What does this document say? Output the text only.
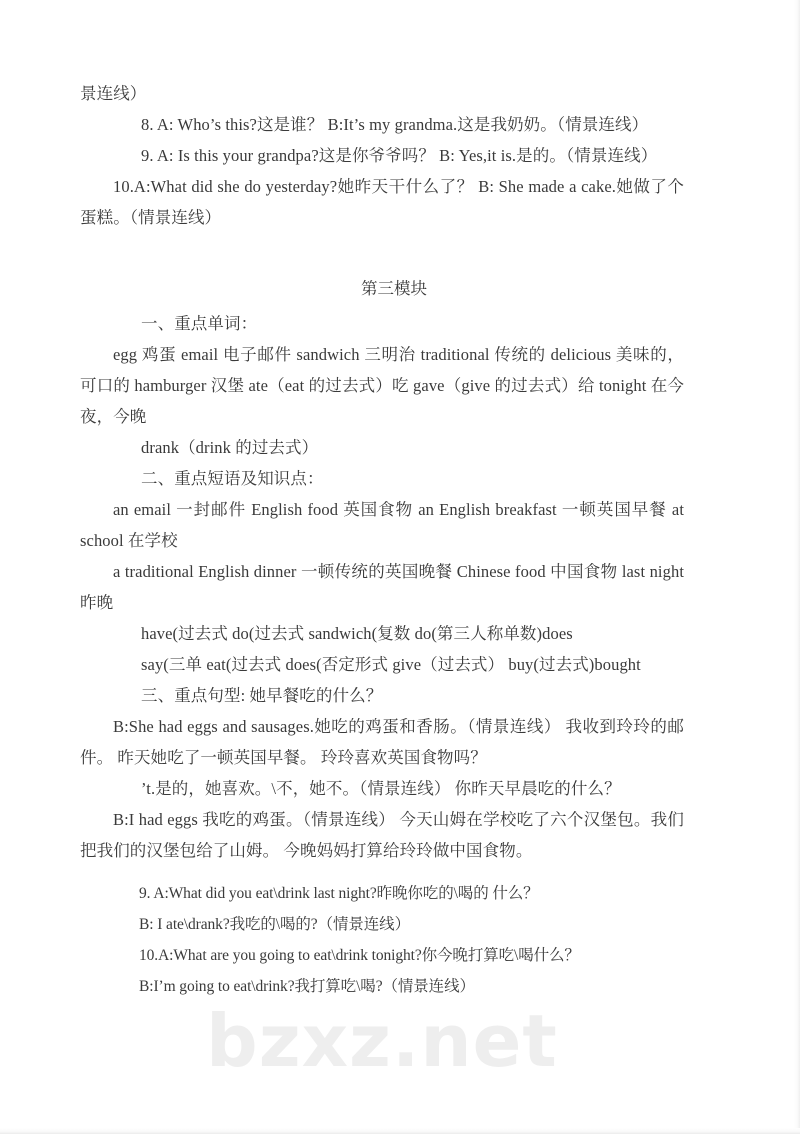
bzxz.net
景连线）
8. A: Who’s this?这是谁？ B:It’s my grandma.这是我奶奶。（情景连线）
9. A: Is this your grandpa?这是你爷爷吗？ B: Yes,it is.是的。（情景连线）
10.A:What did she do yesterday?她昨天干什么了？ B: She made a cake.她做了个蛋糕。（情景连线）
第三模块
一、重点单词：
egg 鸡蛋 email 电子邮件 sandwich 三明治 traditional 传统的 delicious 美味的，可口的 hamburger 汉堡 ate（eat 的过去式）吃 gave（give 的过去式）给 tonight 在今夜，今晚
drank（drink 的过去式）
二、重点短语及知识点：
an email 一封邮件 English food 英国食物 an English breakfast 一顿英国早餐 at school 在学校
a traditional English dinner 一顿传统的英国晚餐 Chinese food 中国食物 last night 昨晚
have(过去式 do(过去式 sandwich(复数 do(第三人称单数)does
say(三单 eat(过去式 does(否定形式 give（过去式） buy(过去式)bought
三、重点句型: 她早餐吃的什么？
B:She had eggs and sausages.她吃的鸡蛋和香肠。（情景连线） 我收到玲玲的邮件。 昨天她吃了一顿英国早餐。 玲玲喜欢英国食物吗？
’t.是的，她喜欢。\不，她不。（情景连线） 你昨天早晨吃的什么？
B:I had eggs 我吃的鸡蛋。（情景连线） 今天山姆在学校吃了六个汉堡包。我们把我们的汉堡包给了山姆。 今晚妈妈打算给玲玲做中国食物。
9. A:What did you eat\drink last night?昨晚你吃的\喝的 什么？
B: I ate\drank?我吃的\喝的?（情景连线）
10.A:What are you going to eat\drink tonight?你今晚打算吃\喝什么？
B:I’m going to eat\drink?我打算吃\喝?（情景连线）
